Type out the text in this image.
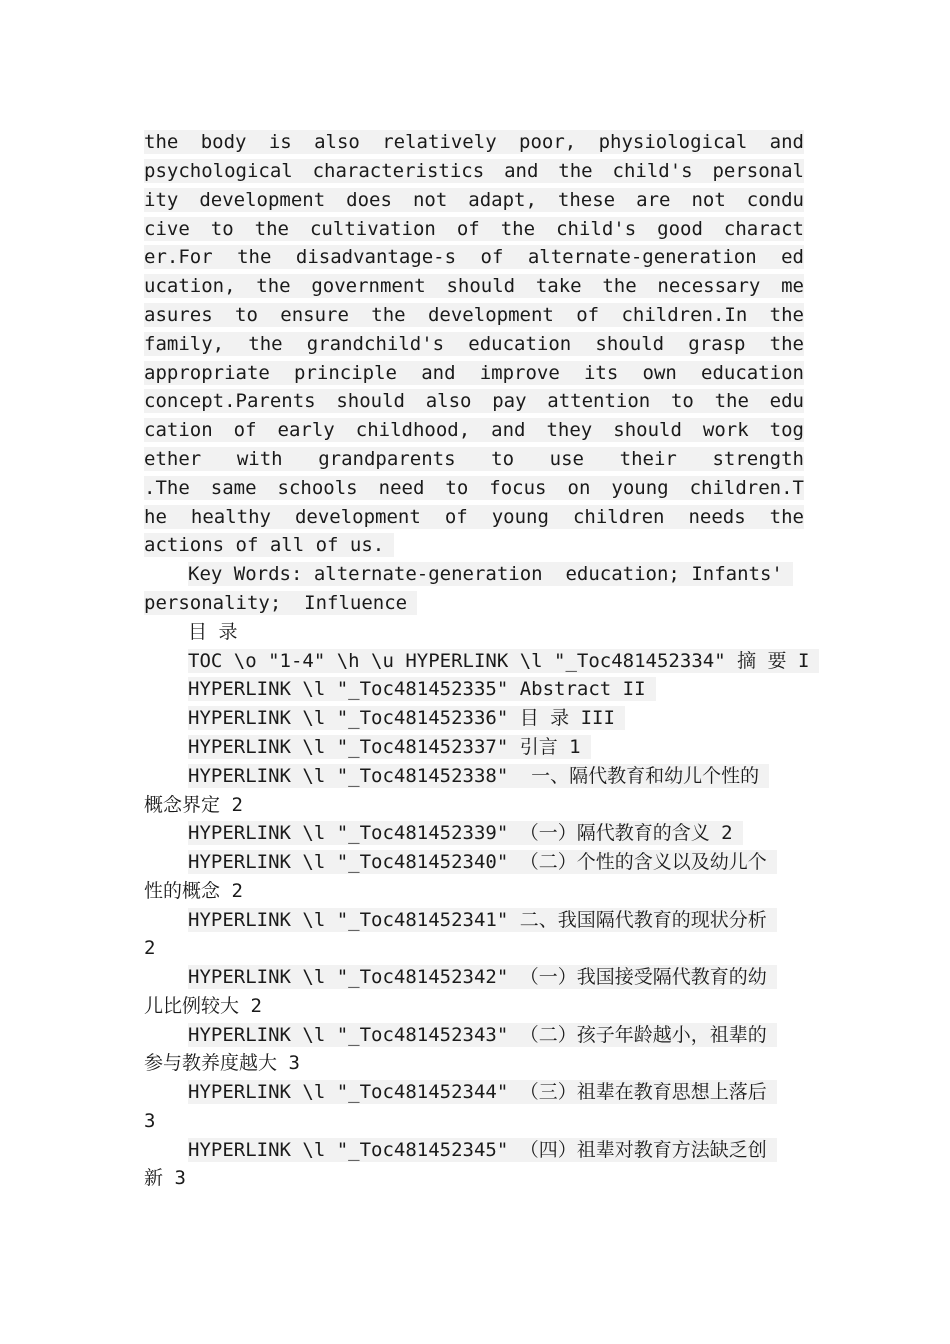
the body is also relatively poor, physiological and
psychological characteristics and the child's personal
ity development does not adapt, these are not condu
cive to the cultivation of the child's good charact
er.For the disadvantage-s of alternate-generation ed
ucation, the government should take the necessary me
asures to ensure the development of children.In the
family, the grandchild's education should grasp the
appropriate principle and improve its own education
concept.Parents should also pay attention to the edu
cation of early childhood, and they should work tog
ether with grandparents to use their strength
.The same schools need to focus on young children.T
he healthy development of young children needs the
actions of all of us.
Key Words: alternate-generation  education; Infants'
personality;  Influence
目 录
TOC \o "1-4" \h \u HYPERLINK \l "_Toc481452334" 摘 要 I
HYPERLINK \l "_Toc481452335" Abstract II
HYPERLINK \l "_Toc481452336" 目 录 III
HYPERLINK \l "_Toc481452337" 引言 1
HYPERLINK \l "_Toc481452338"  一、隔代教育和幼儿个性的
概念界定 2
HYPERLINK \l "_Toc481452339" （一）隔代教育的含义 2
HYPERLINK \l "_Toc481452340" （二）个性的含义以及幼儿个
性的概念 2
HYPERLINK \l "_Toc481452341" 二、我国隔代教育的现状分析
2
HYPERLINK \l "_Toc481452342" （一）我国接受隔代教育的幼
儿比例较大 2
HYPERLINK \l "_Toc481452343" （二）孩子年龄越小，祖辈的
参与教养度越大 3
HYPERLINK \l "_Toc481452344" （三）祖辈在教育思想上落后
3
HYPERLINK \l "_Toc481452345" （四）祖辈对教育方法缺乏创
新 3
